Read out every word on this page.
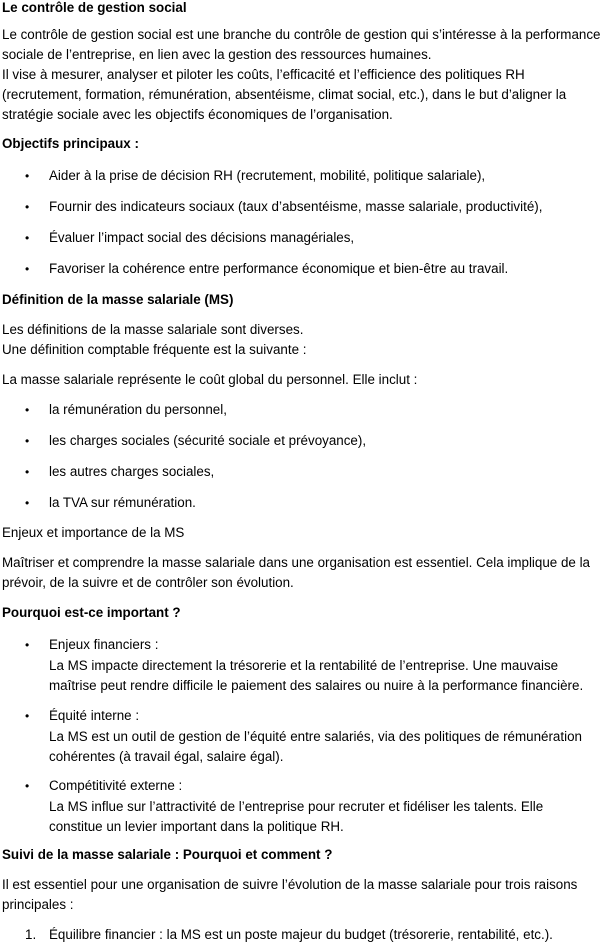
Le contrôle de gestion social
Le contrôle de gestion social est une branche du contrôle de gestion qui s’intéresse à la performance
sociale de l’entreprise, en lien avec la gestion des ressources humaines.
Il vise à mesurer, analyser et piloter les coûts, l’efficacité et l’efficience des politiques RH
(recrutement, formation, rémunération, absentéisme, climat social, etc.), dans le but d’aligner la
stratégie sociale avec les objectifs économiques de l’organisation.
Objectifs principaux :
• Aider à la prise de décision RH (recrutement, mobilité, politique salariale),
• Fournir des indicateurs sociaux (taux d’absentéisme, masse salariale, productivité),
• Évaluer l’impact social des décisions managériales,
• Favoriser la cohérence entre performance économique et bien-être au travail.
Définition de la masse salariale (MS)
Les définitions de la masse salariale sont diverses.
Une définition comptable fréquente est la suivante :
La masse salariale représente le coût global du personnel. Elle inclut :
• la rémunération du personnel,
• les charges sociales (sécurité sociale et prévoyance),
• les autres charges sociales,
• la TVA sur rémunération.
Enjeux et importance de la MS
Maîtriser et comprendre la masse salariale dans une organisation est essentiel. Cela implique de la
prévoir, de la suivre et de contrôler son évolution.
Pourquoi est-ce important ?
• Enjeux financiers :
La MS impacte directement la trésorerie et la rentabilité de l’entreprise. Une mauvaise
maîtrise peut rendre difficile le paiement des salaires ou nuire à la performance financière.
• Équité interne :
La MS est un outil de gestion de l’équité entre salariés, via des politiques de rémunération
cohérentes (à travail égal, salaire égal).
• Compétitivité externe :
La MS influe sur l’attractivité de l’entreprise pour recruter et fidéliser les talents. Elle
constitue un levier important dans la politique RH.
Suivi de la masse salariale : Pourquoi et comment ?
Il est essentiel pour une organisation de suivre l’évolution de la masse salariale pour trois raisons
principales :
1. Équilibre financier : la MS est un poste majeur du budget (trésorerie, rentabilité, etc.).
